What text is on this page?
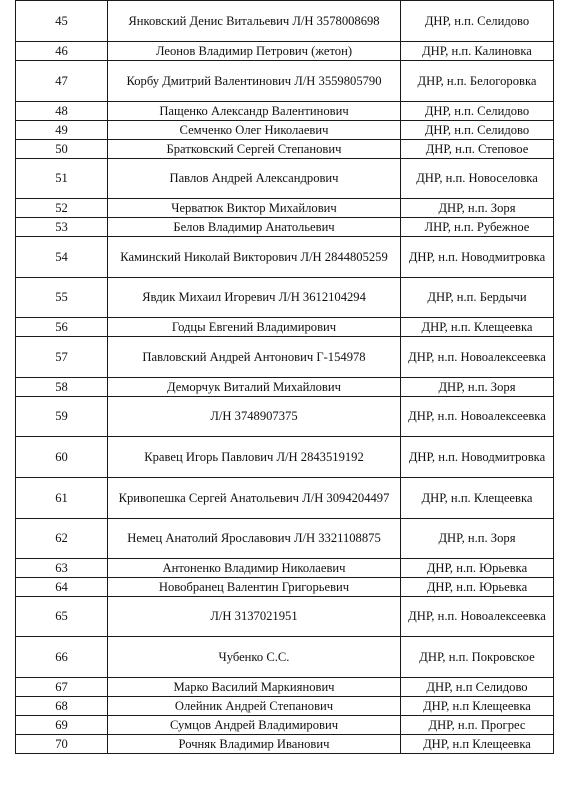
45	Янковский Денис Витальевич Л/Н 3578008698	ДНР, н.п. Селидово
46	Леонов Владимир Петрович (жетон)	ДНР, н.п. Калиновка
47	Корбу Дмитрий Валентинович Л/Н 3559805790	ДНР, н.п. Белогоровка
48	Пащенко Александр Валентинович	ДНР, н.п. Селидово
49	Семченко Олег Николаевич	ДНР, н.п. Селидово
50	Братковский Сергей Степанович	ДНР, н.п. Степовое
51	Павлов Андрей Александрович	ДНР, н.п. Новоселовка
52	Черватюк Виктор Михайлович	ДНР, н.п. Зоря
53	Белов Владимир Анатольевич	ЛНР, н.п. Рубежное
54	Каминский Николай Викторович Л/Н 2844805259	ДНР, н.п. Новодмитровка
55	Явдик Михаил Игоревич Л/Н 3612104294	ДНР, н.п. Бердычи
56	Годцы Евгений Владимирович	ДНР, н.п. Клещеевка
57	Павловский Андрей Антонович Г-154978	ДНР, н.п. Новоалексеевка
58	Деморчук Виталий Михайлович	ДНР, н.п. Зоря
59	Л/Н 3748907375	ДНР, н.п. Новоалексеевка
60	Кравец Игорь Павлович Л/Н 2843519192	ДНР, н.п. Новодмитровка
61	Кривопешка Сергей Анатольевич Л/Н 3094204497	ДНР, н.п. Клещеевка
62	Немец Анатолий Ярославович Л/Н 3321108875	ДНР, н.п. Зоря
63	Антоненко Владимир Николаевич	ДНР, н.п. Юрьевка
64	Новобранец Валентин Григорьевич	ДНР, н.п. Юрьевка
65	Л/Н 3137021951	ДНР, н.п. Новоалексеевка
66	Чубенко С.С.	ДНР, н.п. Покровское
67	Марко Василий Маркиянович	ДНР, н.п Селидово
68	Олейник Андрей Степанович	ДНР, н.п Клещеевка
69	Сумцов Андрей Владимирович	ДНР, н.п. Прогрес
70	Рочняк Владимир Иванович	ДНР, н.п Клещеевка
